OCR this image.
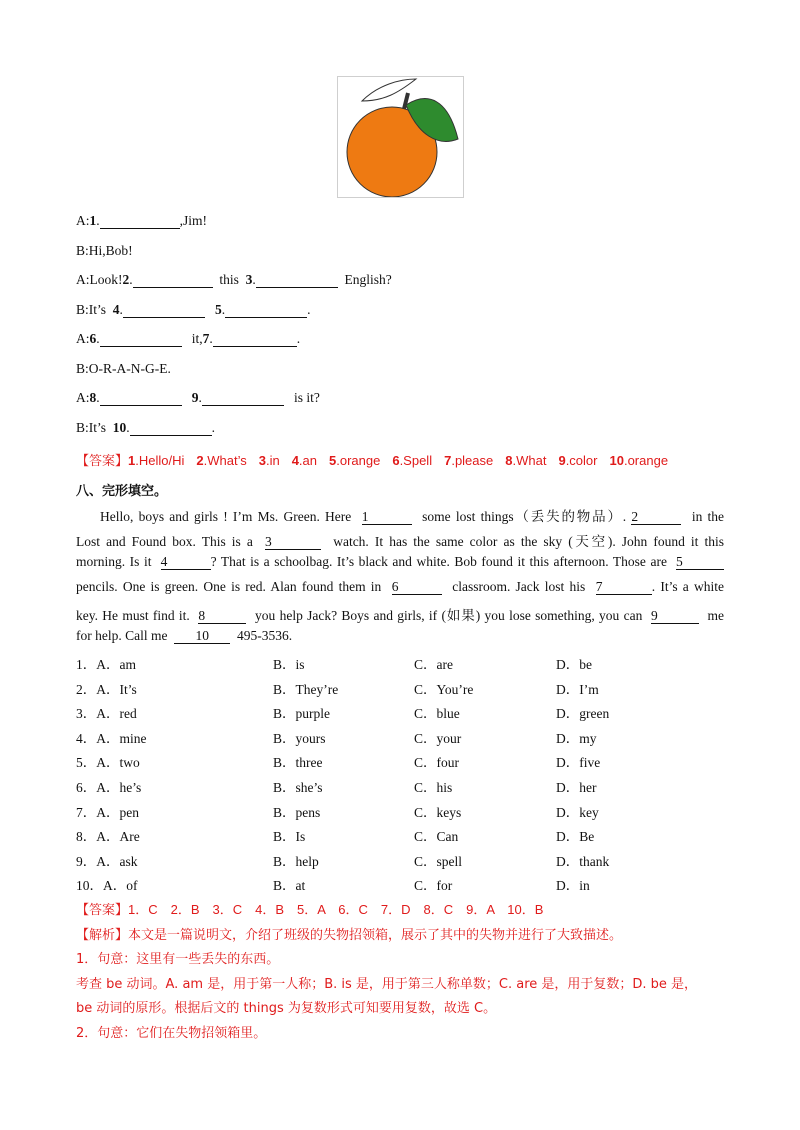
A:1.	,Jim!
B:Hi,Bob!
A:Look!2.	this 3.	English?
B:It’s 4.	5.	.
A:6.	it,7.	.
B:O-R-A-N-G-E.
A:8.	9.	is it?
B:It’s 10.	.
【答案】1.Hello/Hi 2.What’s 3.in 4.an 5.orange 6.Spell 7.please 8.What 9.color 10.orange
八、完形填空。
Hello, boys and girls ! I’m Ms. Green. Here 1	some lost things（丢失的物品）. 2	in the
Lost and Found box. This is a 3	watch. It has the same color as the sky (天空). John found it this
morning. Is it 4	? That is a schoolbag. It’s black and white. Bob found it this afternoon. Those are 5
pencils. One is green. One is red. Alan found them in 6	classroom. Jack lost his 7	. It’s a white
key. He must find it. 8	you help Jack? Boys and girls, if (如果) you lose something, you can 9	me
for help. Call me 10 495-3536.
1．A．am	B．is	C．are	D．be
2．A．It’s	B．They’re	C．You’re	D．I’m
3．A．red	B．purple	C．blue	D．green
4．A．mine	B．yours	C．your	D．my
5．A．two	B．three	C．four	D．five
6．A．he’s	B．she’s	C．his	D．her
7．A．pen	B．pens	C．keys	D．key
8．A．Are	B．Is	C．Can	D．Be
9．A．ask	B．help	C．spell	D．thank
10．A．of	B．at	C．for	D．in
【答案】1．C　2．B　3．C　4．B　5．A　6．C　7．D　8．C　9．A　10．B
【解析】本文是一篇说明文，介绍了班级的失物招领箱，展示了其中的失物并进行了大致描述。
1．句意：这里有一些丢失的东西。
考查 be 动词。A. am 是，用于第一人称；B. is 是，用于第三人称单数；C. are 是，用于复数；D. be 是，
be 动词的原形。根据后文的 things 为复数形式可知要用复数，故选 C。
2．句意：它们在失物招领箱里。
